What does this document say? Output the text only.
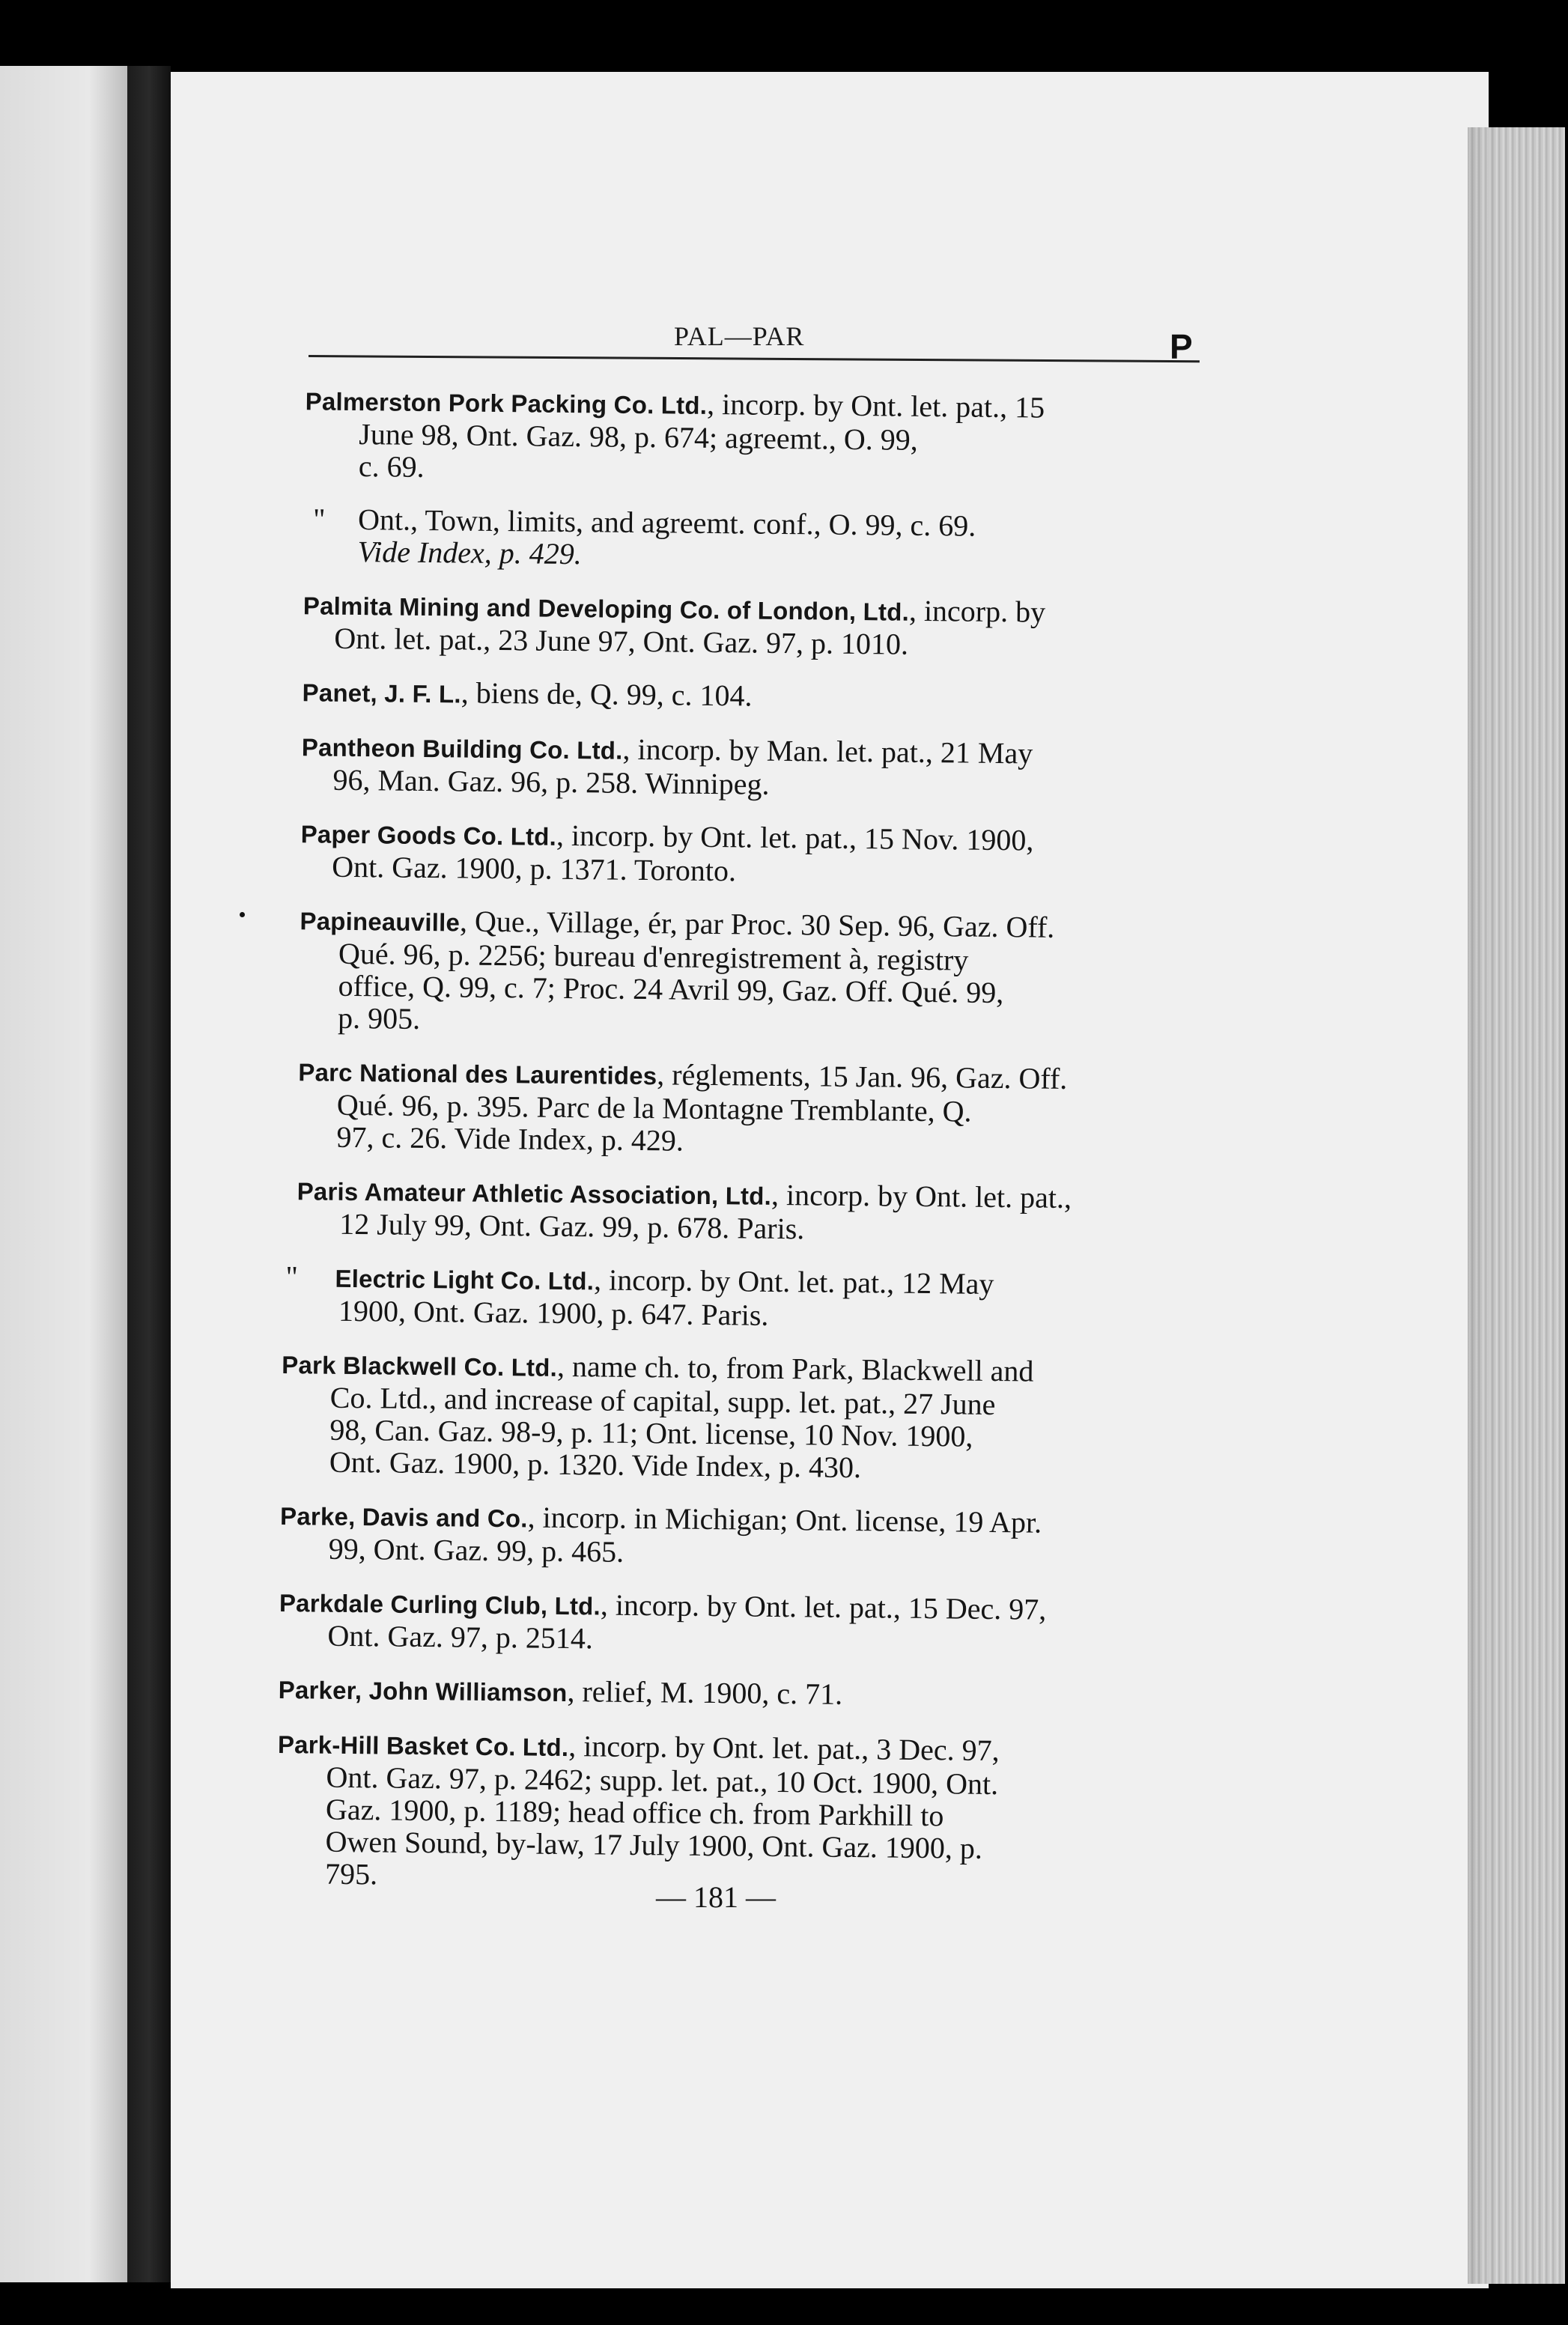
PAL—PAR	P
Palmerston Pork Packing Co. Ltd., incorp. by Ont. let. pat., 15
June 98, Ont. Gaz. 98, p. 674; agreemt., O. 99,
c. 69.
" Ont., Town, limits, and agreemt. conf., O. 99, c. 69.
Vide Index, p. 429.
Palmita Mining and Developing Co. of London, Ltd., incorp. by
Ont. let. pat., 23 June 97, Ont. Gaz. 97, p. 1010.
Panet, J. F. L., biens de, Q. 99, c. 104.
Pantheon Building Co. Ltd., incorp. by Man. let. pat., 21 May
96, Man. Gaz. 96, p. 258. Winnipeg.
Paper Goods Co. Ltd., incorp. by Ont. let. pat., 15 Nov. 1900,
Ont. Gaz. 1900, p. 1371. Toronto.
Papineauville, Que., Village, ér, par Proc. 30 Sep. 96, Gaz. Off.
Qué. 96, p. 2256; bureau d'enregistrement à, registry
office, Q. 99, c. 7; Proc. 24 Avril 99, Gaz. Off. Qué. 99,
p. 905.
Parc National des Laurentides, réglements, 15 Jan. 96, Gaz. Off.
Qué. 96, p. 395. Parc de la Montagne Tremblante, Q.
97, c. 26. Vide Index, p. 429.
Paris Amateur Athletic Association, Ltd., incorp. by Ont. let. pat.,
12 July 99, Ont. Gaz. 99, p. 678. Paris.
" Electric Light Co. Ltd., incorp. by Ont. let. pat., 12 May
1900, Ont. Gaz. 1900, p. 647. Paris.
Park Blackwell Co. Ltd., name ch. to, from Park, Blackwell and
Co. Ltd., and increase of capital, supp. let. pat., 27 June
98, Can. Gaz. 98-9, p. 11; Ont. license, 10 Nov. 1900,
Ont. Gaz. 1900, p. 1320. Vide Index, p. 430.
Parke, Davis and Co., incorp. in Michigan; Ont. license, 19 Apr.
99, Ont. Gaz. 99, p. 465.
Parkdale Curling Club, Ltd., incorp. by Ont. let. pat., 15 Dec. 97,
Ont. Gaz. 97, p. 2514.
Parker, John Williamson, relief, M. 1900, c. 71.
Park-Hill Basket Co. Ltd., incorp. by Ont. let. pat., 3 Dec. 97,
Ont. Gaz. 97, p. 2462; supp. let. pat., 10 Oct. 1900, Ont.
Gaz. 1900, p. 1189; head office ch. from Parkhill to
Owen Sound, by-law, 17 July 1900, Ont. Gaz. 1900, p.
795.
— 181 —
